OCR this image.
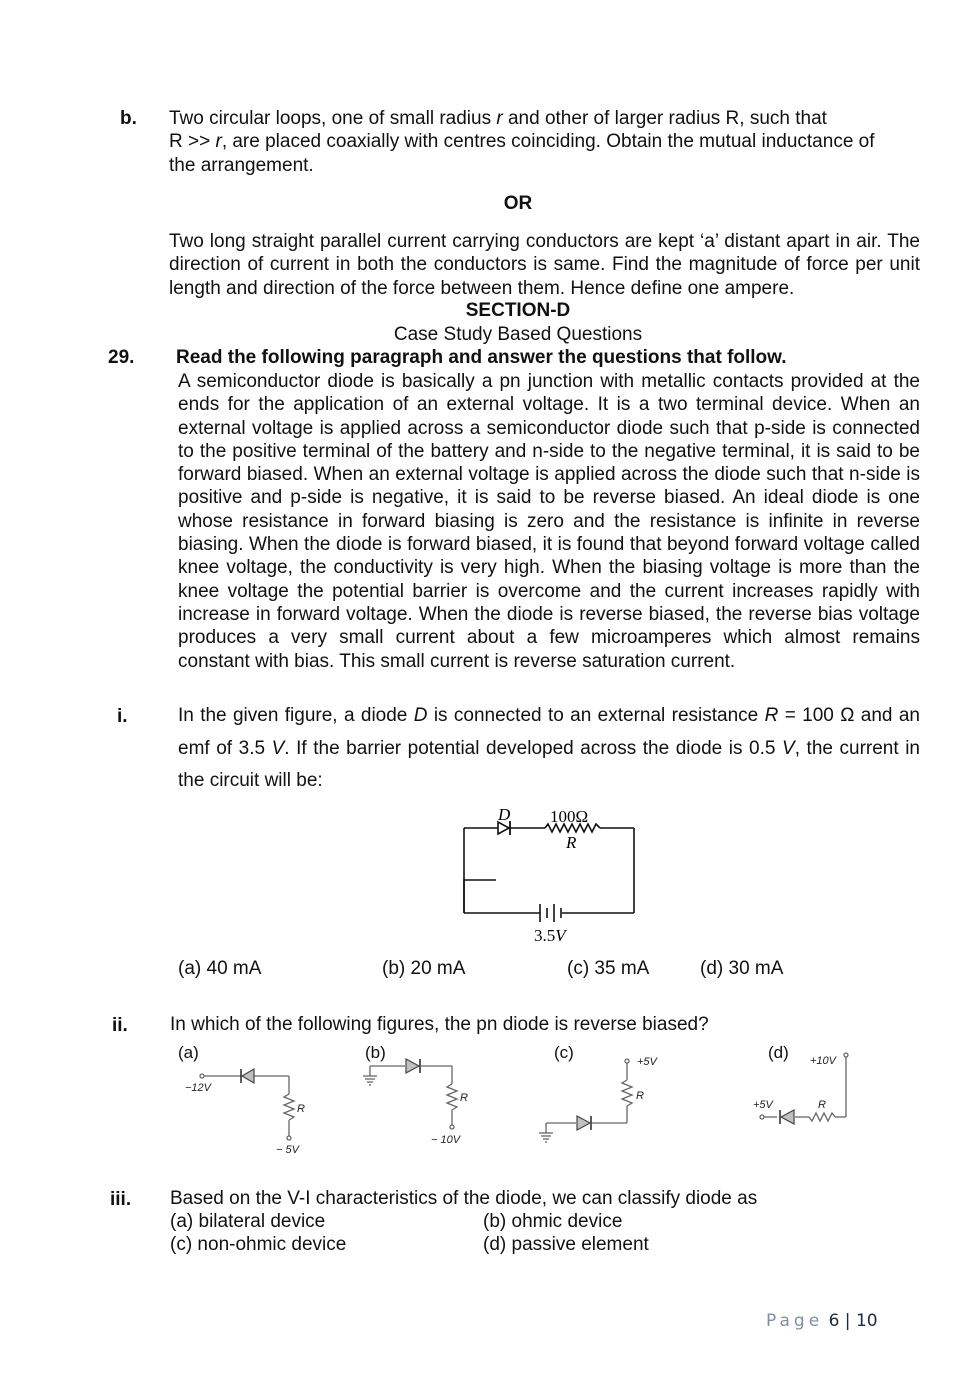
b. Two circular loops, one of small radius r and other of larger radius R, such that
R >> r, are placed coaxially with centres coinciding. Obtain the mutual inductance of
the arrangement.
OR
Two long straight parallel current carrying conductors are kept ‘a’ distant apart in air. The direction of current in both the conductors is same. Find the magnitude of force per unit length and direction of the force between them. Hence define one ampere.
SECTION-D
Case Study Based Questions
29. Read the following paragraph and answer the questions that follow.
A semiconductor diode is basically a pn junction with metallic contacts provided at the ends for the application of an external voltage. It is a two terminal device. When an external voltage is applied across a semiconductor diode such that p-side is connected to the positive terminal of the battery and n-side to the negative terminal, it is said to be forward biased. When an external voltage is applied across the diode such that n-side is positive and p-side is negative, it is said to be reverse biased. An ideal diode is one whose resistance in forward biasing is zero and the resistance is infinite in reverse biasing. When the diode is forward biased, it is found that beyond forward voltage called knee voltage, the conductivity is very high. When the biasing voltage is more than the knee voltage the potential barrier is overcome and the current increases rapidly with increase in forward voltage. When the diode is reverse biased, the reverse bias voltage produces a very small current about a few microamperes which almost remains constant with bias. This small current is reverse saturation current.
i.	In the given figure, a diode D is connected to an external resistance R = 100 Ω and an emf of 3.5 V. If the barrier potential developed across the diode is 0.5 V, the current in the circuit will be:
D 100Ω
R
3.5V
(a) 40 mA	(b) 20 mA	(c) 35 mA	(d) 30 mA
ii. In which of the following figures, the pn diode is reverse biased?
(a)
−12V
R
− 5V
(b)
R
− 10V
(c)	+5V
R
(d) +10V
+5V	R
iii. Based on the V-I characteristics of the diode, we can classify diode as
(a) bilateral device	(b) ohmic device
(c) non-ohmic device	(d) passive element
Page 6 | 10
